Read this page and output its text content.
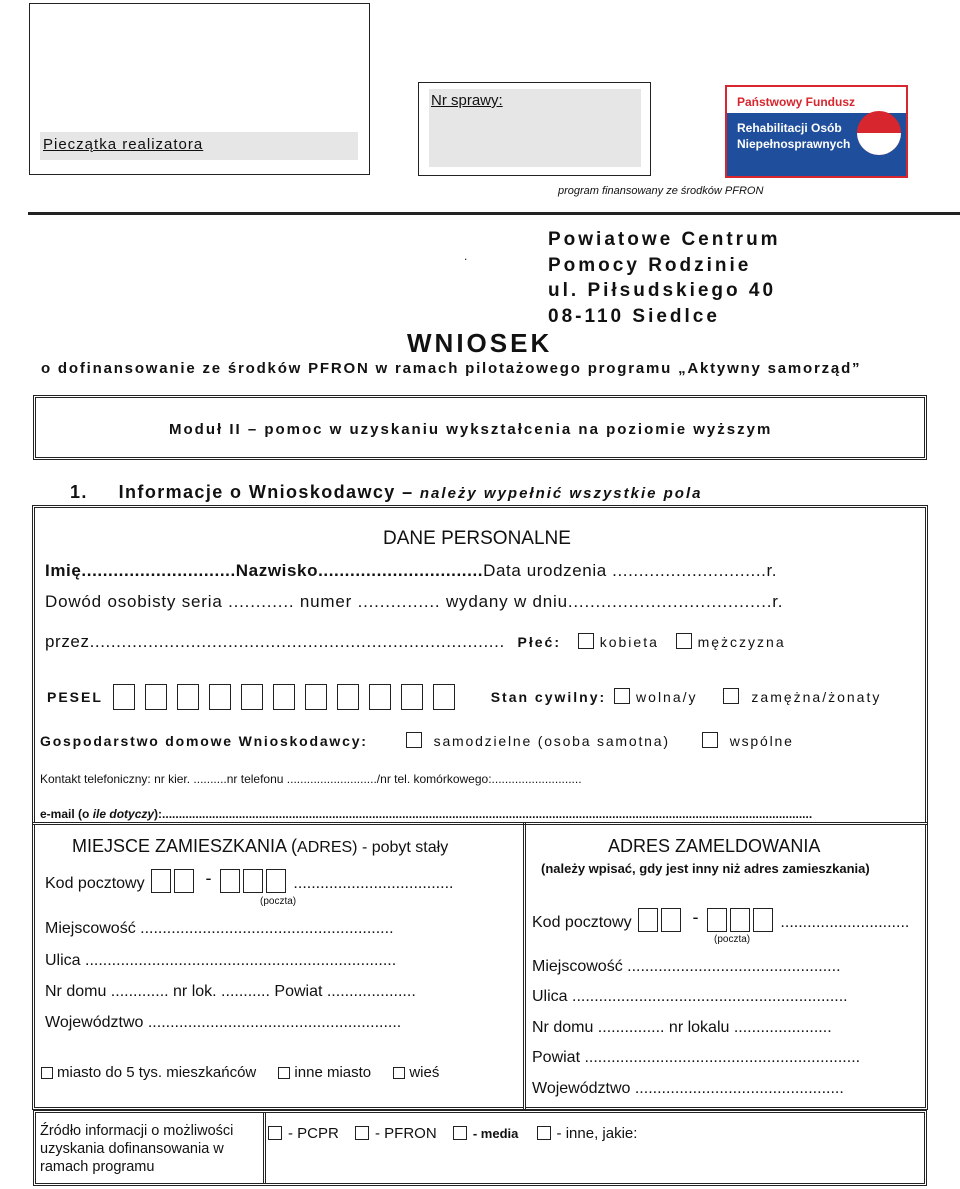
Pieczątka realizatora
Nr sprawy:	Państwowy Fundusz
Rehabilitacji Osób
Niepełnosprawnych
program finansowany ze środków PFRON
.
Powiatowe Centrum
Pomocy Rodzinie
ul. Piłsudskiego 40
08-110 Siedlce
WNIOSEK
o dofinansowanie ze środków PFRON w ramach pilotażowego programu „Aktywny samorząd”
Moduł II – pomoc w uzyskaniu wykształcenia na poziomie wyższym
1. Informacje o Wnioskodawcy – należy wypełnić wszystkie pola
DANE PERSONALNE
Imię.............................Nazwisko...............................Data urodzenia .............................r.
Dowód osobisty seria ............ numer ............... wydany w dniu.....................................r.
przez.............................................................................. Płeć:	kobieta	mężczyzna
PESEL	Stan cywilny: wolna/y	zamężna/żonaty
Gospodarstwo domowe Wnioskodawcy:	samodzielne (osoba samotna)	wspólne
Kontakt telefoniczny: nr kier. ..........nr telefonu .........................../nr tel. komórkowego:...........................
e-mail (o ile dotyczy):...................................................................................................................................................................................................
MIEJSCE ZAMIESZKANIA (ADRES) - pobyt stały
Kod pocztowy	-	....................................
(poczta)
Miejscowość .........................................................
Ulica ......................................................................
Nr domu ............. nr lok. ........... Powiat ....................
Województwo .........................................................
miasto do 5 tys. mieszkańców	inne miasto	wieś
ADRES ZAMELDOWANIA
(należy wpisać, gdy jest inny niż adres zamieszkania)
Kod pocztowy	-	.............................
(poczta)
Miejscowość ................................................
Ulica ..............................................................
Nr domu ............... nr lokalu ......................
Powiat ..............................................................
Województwo ...............................................
Źródło informacji o możliwości uzyskania dofinansowania w ramach programu
- PCPR - PFRON	- media	- inne, jakie:
